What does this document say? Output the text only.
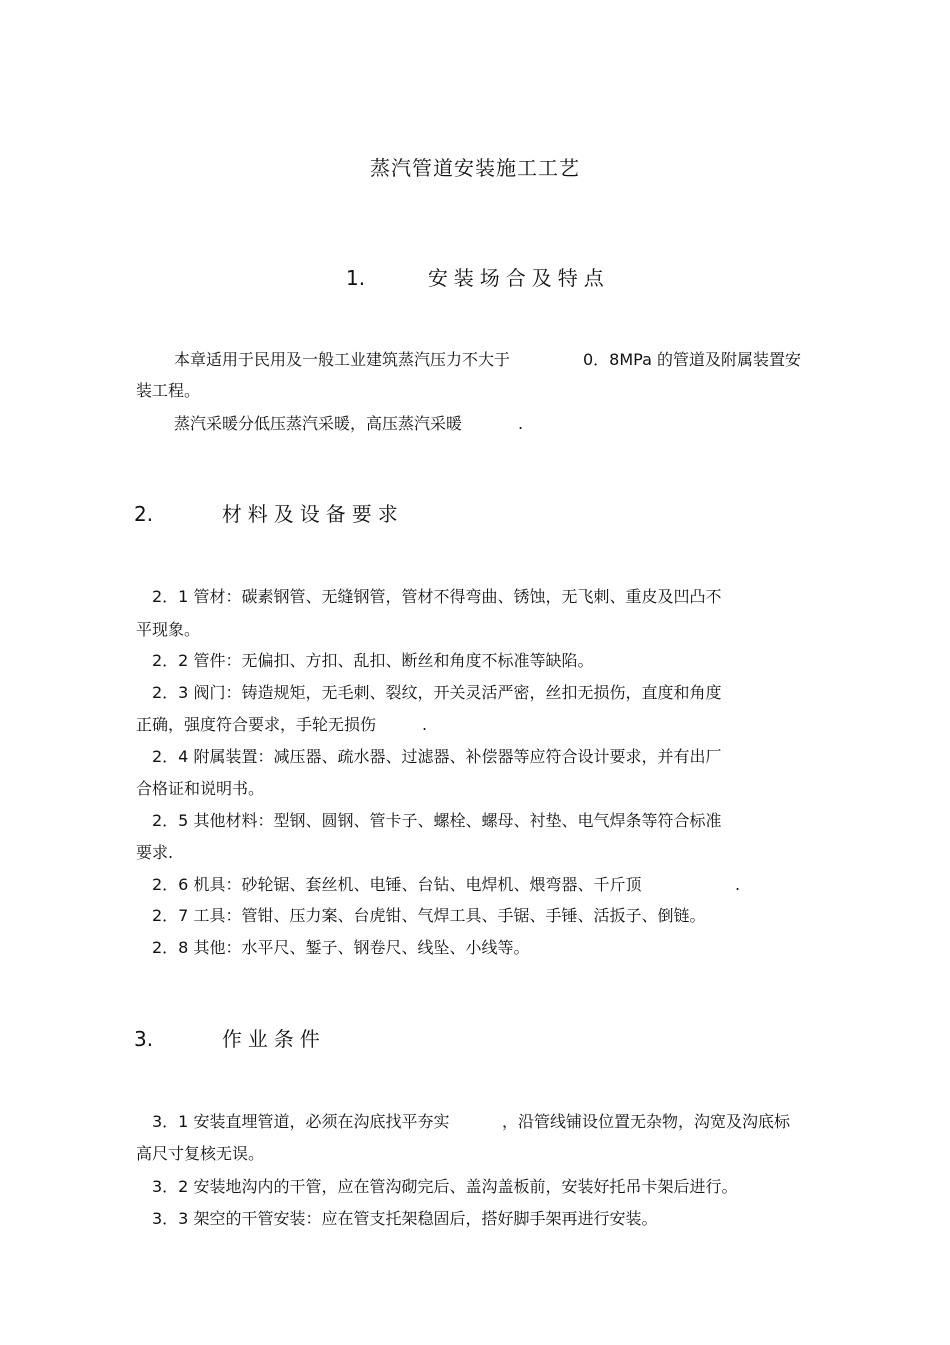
蒸汽管道安装施工工艺
1.	安装场合及特点
本章适用于民用及一般工业建筑蒸汽压力不大于	0．8MPa 的管道及附属装置安
装工程。
蒸汽采暖分低压蒸汽采暖，高压蒸汽采暖	.
2.	材料及设备要求
2．1 管材：碳素钢管、无缝钢管，管材不得弯曲、锈蚀，无飞刺、重皮及凹凸不
平现象。
2．2 管件：无偏扣、方扣、乱扣、断丝和角度不标准等缺陷。
2．3 阀门：铸造规矩，无毛刺、裂纹，开关灵活严密，丝扣无损伤，直度和角度
正确，强度符合要求，手轮无损伤	.
2．4 附属装置：减压器、疏水器、过滤器、补偿器等应符合设计要求，并有出厂
合格证和说明书。
2．5 其他材料：型钢、圆钢、管卡子、螺栓、螺母、衬垫、电气焊条等符合标准
要求.
2．6 机具：砂轮锯、套丝机、电锤、台钻、电焊机、煨弯器、千斤顶	.
2．7 工具：管钳、压力案、台虎钳、气焊工具、手锯、手锤、活扳子、倒链。
2．8 其他：水平尺、錾子、钢卷尺、线坠、小线等。
3.	作业条件
3．1 安装直埋管道，必须在沟底找平夯实	，沿管线铺设位置无杂物，沟宽及沟底标
高尺寸复核无误。
3．2 安装地沟内的干管，应在管沟砌完后、盖沟盖板前，安装好托吊卡架后进行。
3．3 架空的干管安装：应在管支托架稳固后，搭好脚手架再进行安装。
